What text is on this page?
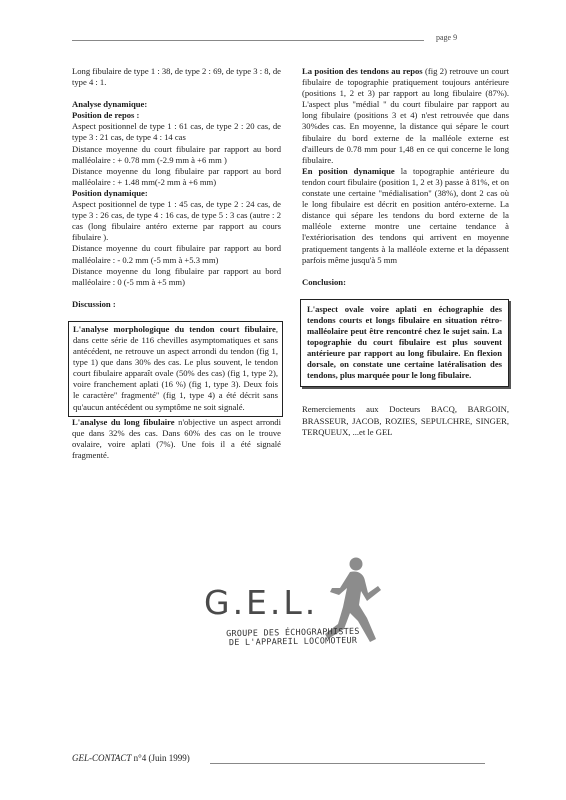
page 9

Long fibulaire de type 1 : 38, de type 2 : 69, de type 3 : 8, de type 4 : 1.

Analyse dynamique:

Position de repos :

Aspect positionnel de type 1 : 61 cas, de type 2 : 20 cas, de type 3 : 21 cas, de type 4 : 14 cas

Distance moyenne du court fibulaire par rapport au bord malléolaire : + 0.78 mm (-2.9 mm à +6 mm )

Distance moyenne du long fibulaire par rapport au bord malléolaire : + 1.48 mm(-2 mm à +6 mm)

Position dynamique:

Aspect positionnel de type 1 : 45 cas, de type 2 : 24 cas, de type 3 : 26 cas, de type 4 : 16 cas, de type 5 : 3 cas (autre : 2 cas (long fibulaire antéro externe par rapport au cours fibulaire ).

Distance moyenne du court fibulaire par rapport au bord malléolaire : - 0.2 mm (-5 mm à +5.3 mm)

Distance moyenne du long fibulaire par rapport au bord malléolaire : 0 (-5 mm à +5 mm)

Discussion :

L'analyse morphologique du tendon court fibulaire, dans cette série de 116 chevilles asymptomatiques et sans antécédent, ne retrouve un aspect arrondi du tendon (fig 1, type 1) que dans 30% des cas. Le plus souvent, le tendon court fibulaire apparaît ovale (50% des cas) (fig 1, type 2), voire franchement aplati (16 %) (fig 1, type 3). Deux fois le caractère" fragmenté" (fig 1, type 4) a été décrit sans qu'aucun antécédent ou symptôme ne soit signalé.

L'analyse du long fibulaire n'objective un aspect arrondi que dans 32% des cas. Dans 60% des cas on le trouve ovalaire, voire aplati (7%). Une fois il a été signalé fragmenté.

La position des tendons au repos (fig 2) retrouve un court fibulaire de topographie pratiquement toujours antérieure (positions 1, 2 et 3) par rapport au long fibulaire (87%). L'aspect plus "médial " du court fibulaire par rapport au long fibulaire (positions 3 et 4) n'est retrouvée que dans 30%des cas. En moyenne, la distance qui sépare le court fibulaire du bord externe de la malléole externe est d'ailleurs de 0.78 mm pour 1,48 en ce qui concerne le long fibulaire.

En position dynamique la topographie antérieure du tendon court fibulaire (position 1, 2 et 3) passe à 81%, et on constate une certaine "médialisation" (38%), dont 2 cas où le long fibulaire est décrit en position antéro-externe. La distance qui sépare les tendons du bord externe de la malléole externe montre une certaine tendance à l'extériorisation des tendons qui arrivent en moyenne pratiquement tangents à la malléole externe et la dépassent parfois même jusqu'à 5 mm

Conclusion:

L'aspect ovale voire aplati en échographie des tendons courts et longs fibulaire en situation rétro-malléolaire peut être rencontré chez le sujet sain. La topographie du court fibulaire est plus souvent antérieure par rapport au long fibulaire. En flexion dorsale, on constate une certaine latéralisation des tendons, plus marquée pour le long fibulaire.

Remerciements aux Docteurs BACQ, BARGOIN, BRASSEUR, JACOB, ROZIES, SEPULCHRE, SINGER, TERQUEUX, ...et le GEL

G.E.L.
GROUPE DES ÉCHOGRAPHISTES
DE L'APPAREIL LOCOMOTEUR
GEL-CONTACT n°4 (Juin 1999)
